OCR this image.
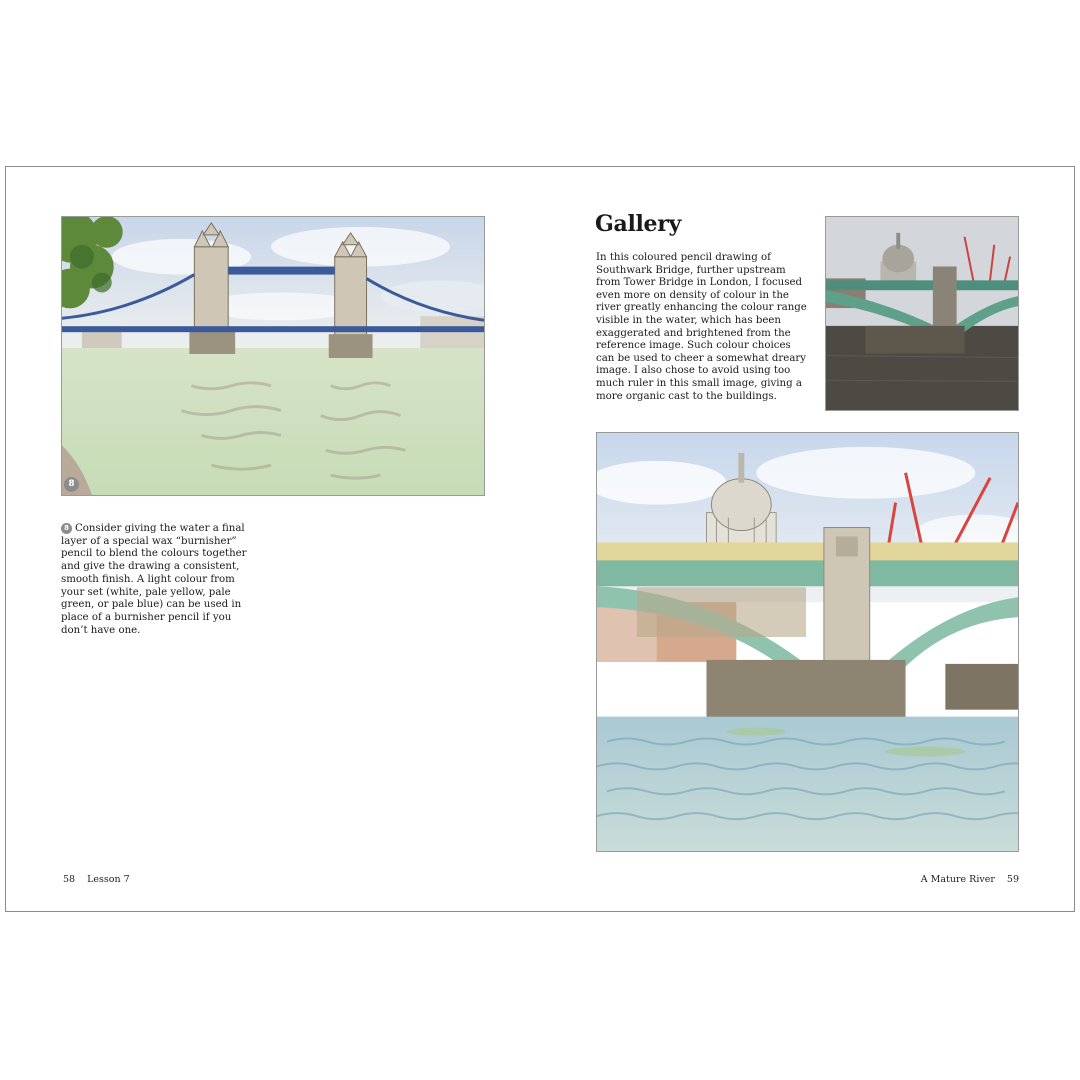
8
8 Consider giving the water a final layer of a special wax “burnisher” pencil to blend the colours together and give the drawing a consistent, smooth finish. A light colour from your set (white, pale yellow, pale green, or pale blue) can be used in place of a burnisher pencil if you don’t have one.
Gallery
In this coloured pencil drawing of Southwark Bridge, further upstream from Tower Bridge in London, I focused even more on density of colour in the river greatly enhancing the colour range visible in the water, which has been exaggerated and brightened from the reference image. Such colour choices can be used to cheer a somewhat dreary image. I also chose to avoid using too much ruler in this small image, giving a more organic cast to the buildings.
58 Lesson 7	A Mature River 59
